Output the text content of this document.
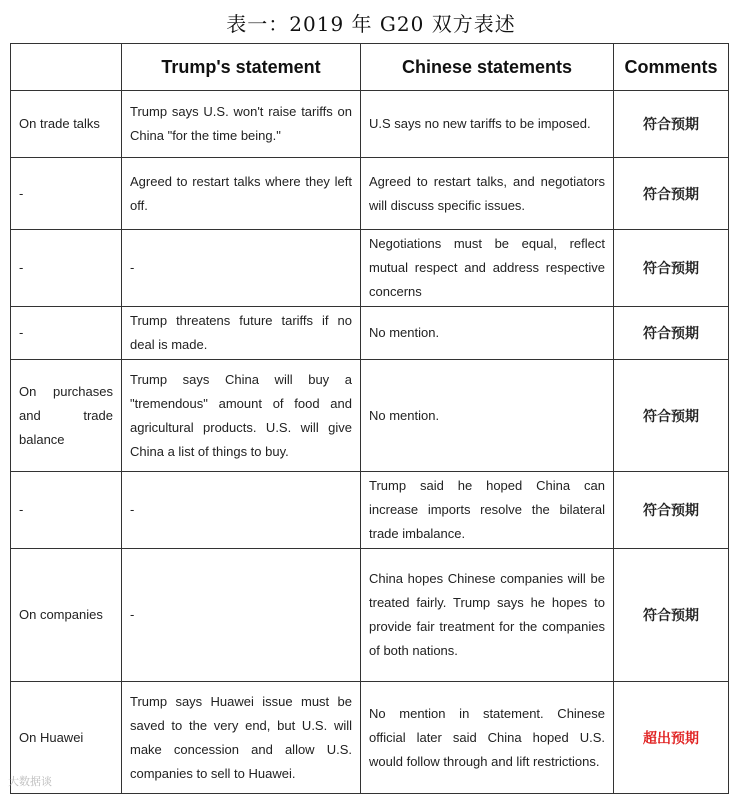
表一：2019 年 G20 双方表述
	Trump's statement	Chinese statements	Comments
On trade talks	Trump says U.S. won't raise tariffs on China "for the time being."	U.S says no new tariffs to be imposed.	符合预期
-	Agreed to restart talks where they left off.	Agreed to restart talks, and negotiators will discuss specific issues.	符合预期
-	-	Negotiations must be equal, reflect mutual respect and address respective concerns	符合预期
-	Trump threatens future tariffs if no deal is made.	No mention.	符合预期
On purchases and trade balance	Trump says China will buy a "tremendous" amount of food and agricultural products. U.S. will give China a list of things to buy.	No mention.	符合预期
-	-	Trump said he hoped China can increase imports resolve the bilateral trade imbalance.	符合预期
On companies	-	China hopes Chinese companies will be treated fairly. Trump says he hopes to provide fair treatment for the companies of both nations.	符合预期
On Huawei	Trump says Huawei issue must be saved to the very end, but U.S. will make concession and allow U.S. companies to sell to Huawei.	No mention in statement. Chinese official later said China hoped U.S. would follow through and lift restrictions.	超出预期
大数据谈
